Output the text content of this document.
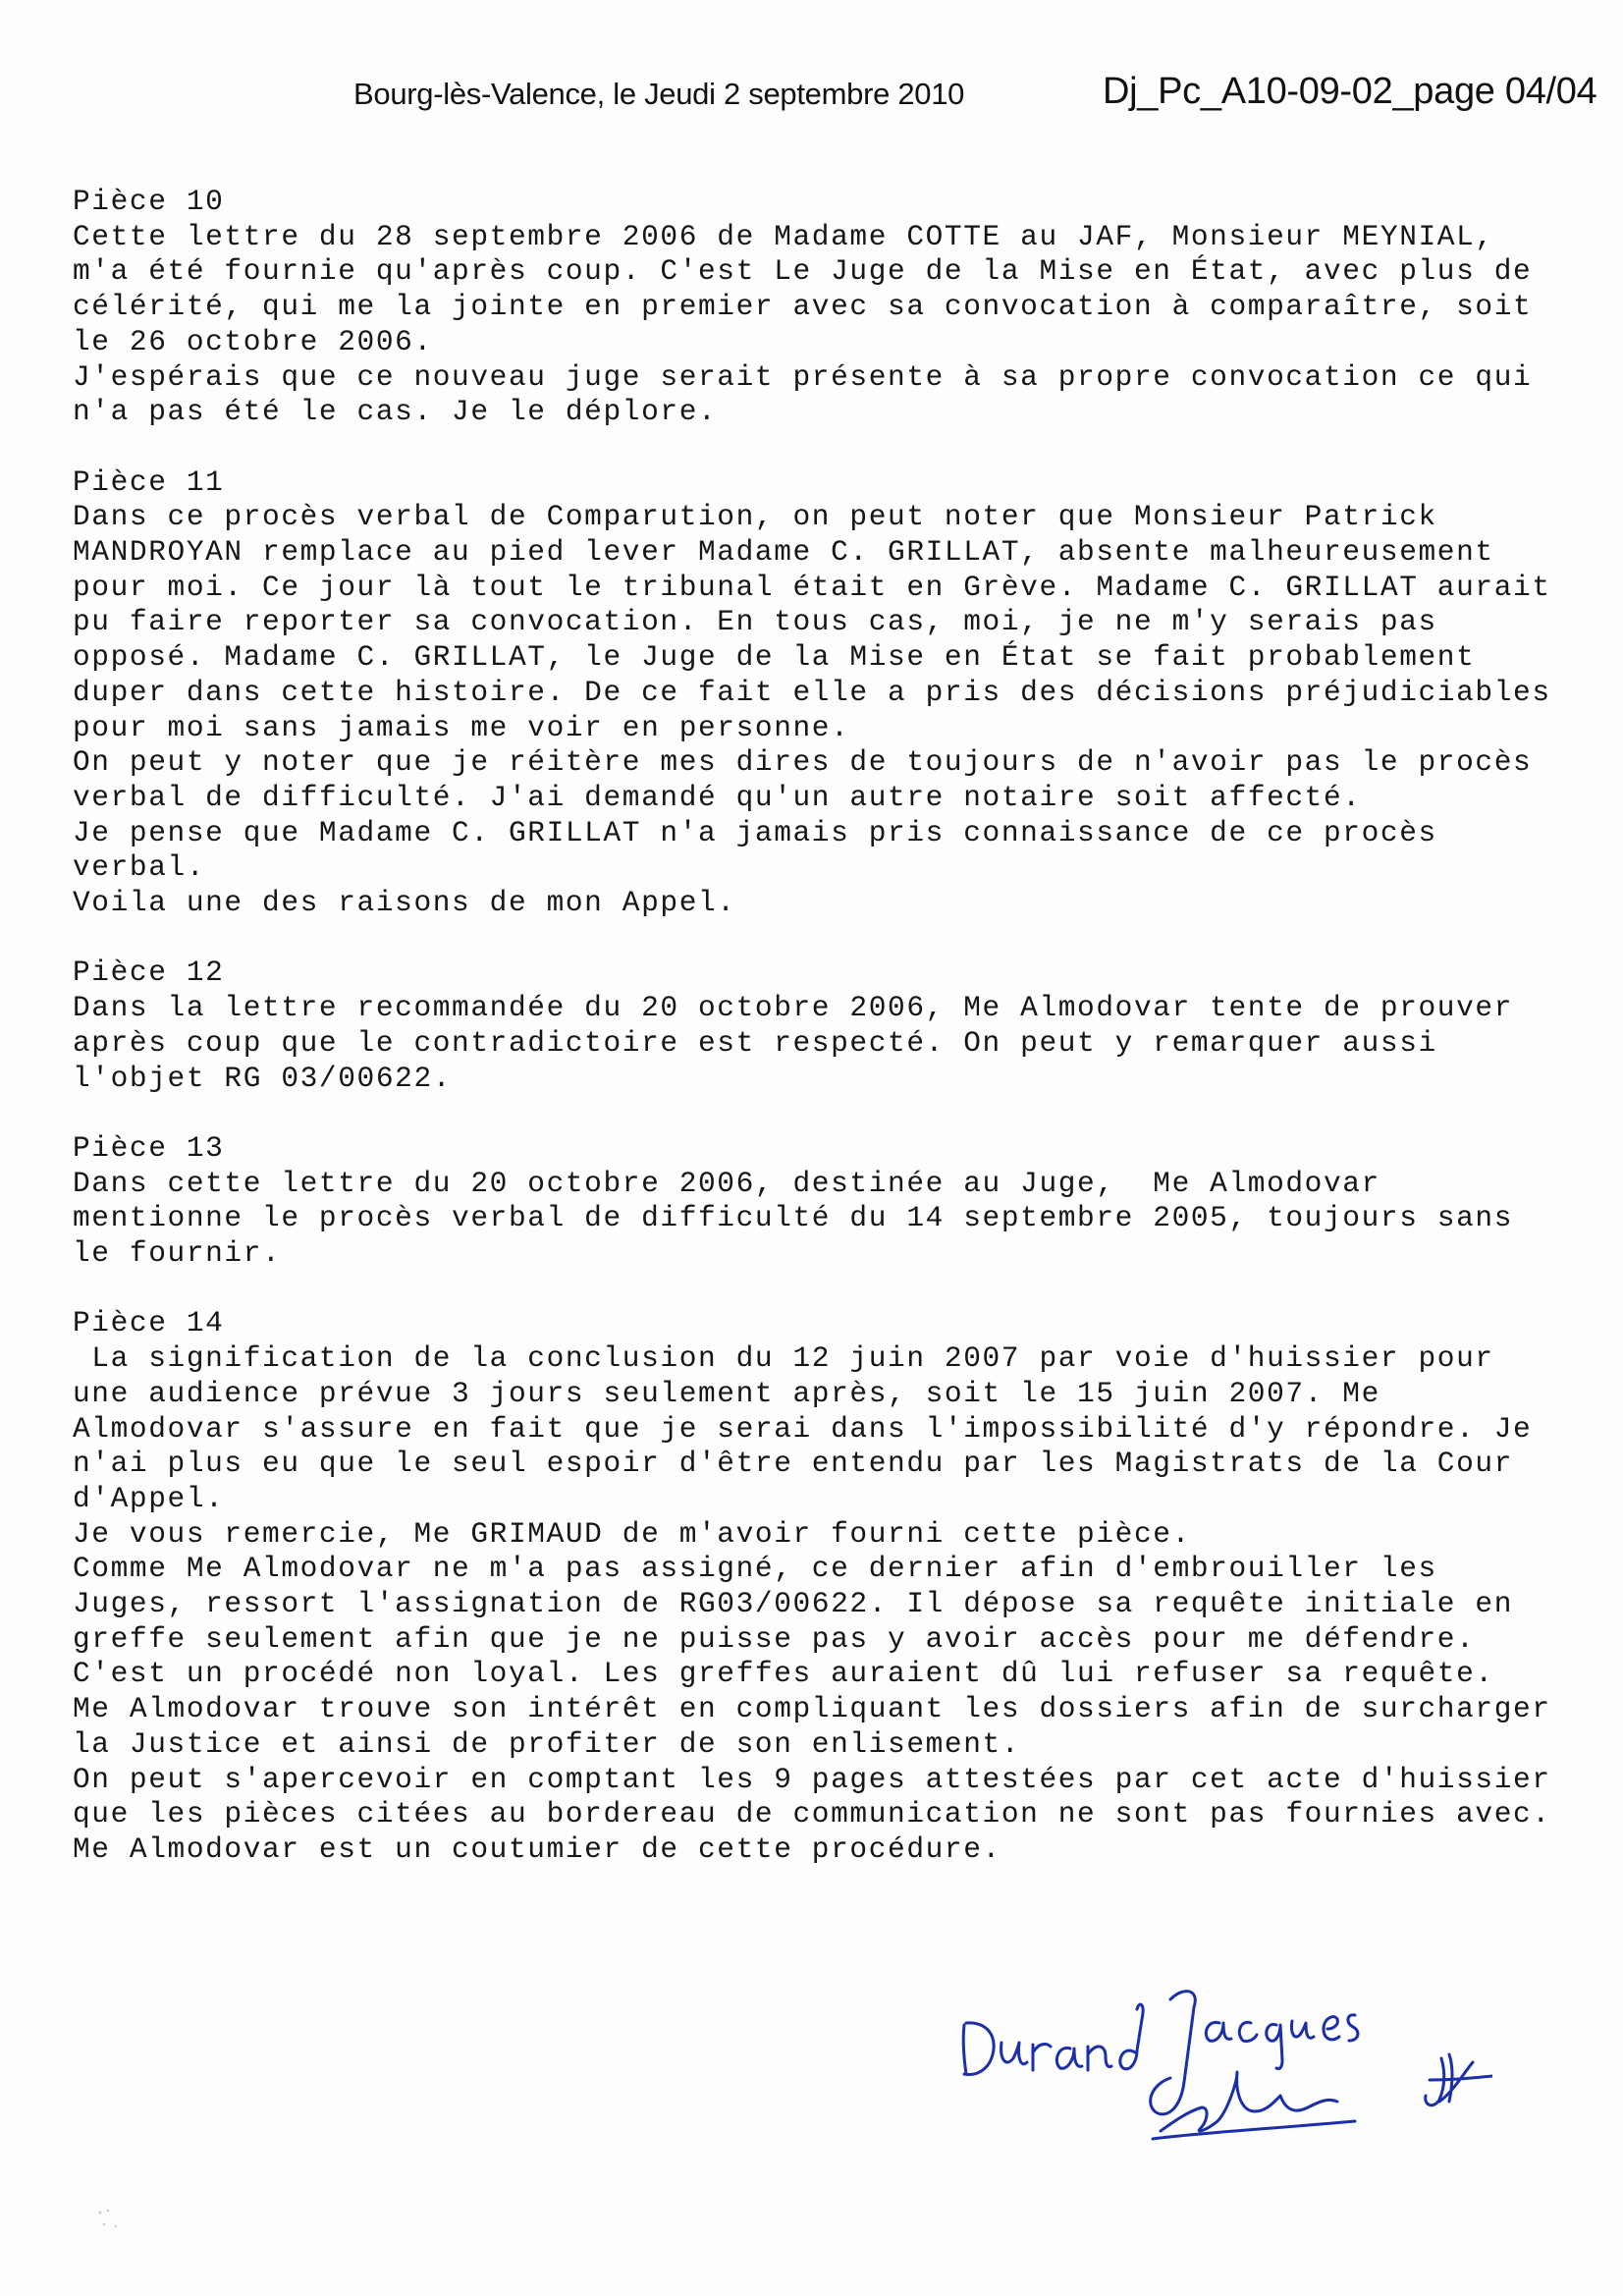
Bourg-lès-Valence, le Jeudi 2 septembre 2010	Dj_Pc_A10-09-02_page 04/04
Pièce 10
Cette lettre du 28 septembre 2006 de Madame COTTE au JAF, Monsieur MEYNIAL,
m'a été fournie qu'après coup. C'est Le Juge de la Mise en État, avec plus de
célérité, qui me la jointe en premier avec sa convocation à comparaître, soit
le 26 octobre 2006.
J'espérais que ce nouveau juge serait présente à sa propre convocation ce qui
n'a pas été le cas. Je le déplore.
Pièce 11
Dans ce procès verbal de Comparution, on peut noter que Monsieur Patrick
MANDROYAN remplace au pied lever Madame C. GRILLAT, absente malheureusement
pour moi. Ce jour là tout le tribunal était en Grève. Madame C. GRILLAT aurait
pu faire reporter sa convocation. En tous cas, moi, je ne m'y serais pas
opposé. Madame C. GRILLAT, le Juge de la Mise en État se fait probablement
duper dans cette histoire. De ce fait elle a pris des décisions préjudiciables
pour moi sans jamais me voir en personne.
On peut y noter que je réitère mes dires de toujours de n'avoir pas le procès
verbal de difficulté. J'ai demandé qu'un autre notaire soit affecté.
Je pense que Madame C. GRILLAT n'a jamais pris connaissance de ce procès
verbal.
Voila une des raisons de mon Appel.
Pièce 12
Dans la lettre recommandée du 20 octobre 2006, Me Almodovar tente de prouver
après coup que le contradictoire est respecté. On peut y remarquer aussi
l'objet RG 03/00622.
Pièce 13
Dans cette lettre du 20 octobre 2006, destinée au Juge,  Me Almodovar
mentionne le procès verbal de difficulté du 14 septembre 2005, toujours sans
le fournir.
Pièce 14
La signification de la conclusion du 12 juin 2007 par voie d'huissier pour
une audience prévue 3 jours seulement après, soit le 15 juin 2007. Me
Almodovar s'assure en fait que je serai dans l'impossibilité d'y répondre. Je
n'ai plus eu que le seul espoir d'être entendu par les Magistrats de la Cour
d'Appel.
Je vous remercie, Me GRIMAUD de m'avoir fourni cette pièce.
Comme Me Almodovar ne m'a pas assigné, ce dernier afin d'embrouiller les
Juges, ressort l'assignation de RG03/00622. Il dépose sa requête initiale en
greffe seulement afin que je ne puisse pas y avoir accès pour me défendre.
C'est un procédé non loyal. Les greffes auraient dû lui refuser sa requête.
Me Almodovar trouve son intérêt en compliquant les dossiers afin de surcharger
la Justice et ainsi de profiter de son enlisement.
On peut s'apercevoir en comptant les 9 pages attestées par cet acte d'huissier
que les pièces citées au bordereau de communication ne sont pas fournies avec.
Me Almodovar est un coutumier de cette procédure.
